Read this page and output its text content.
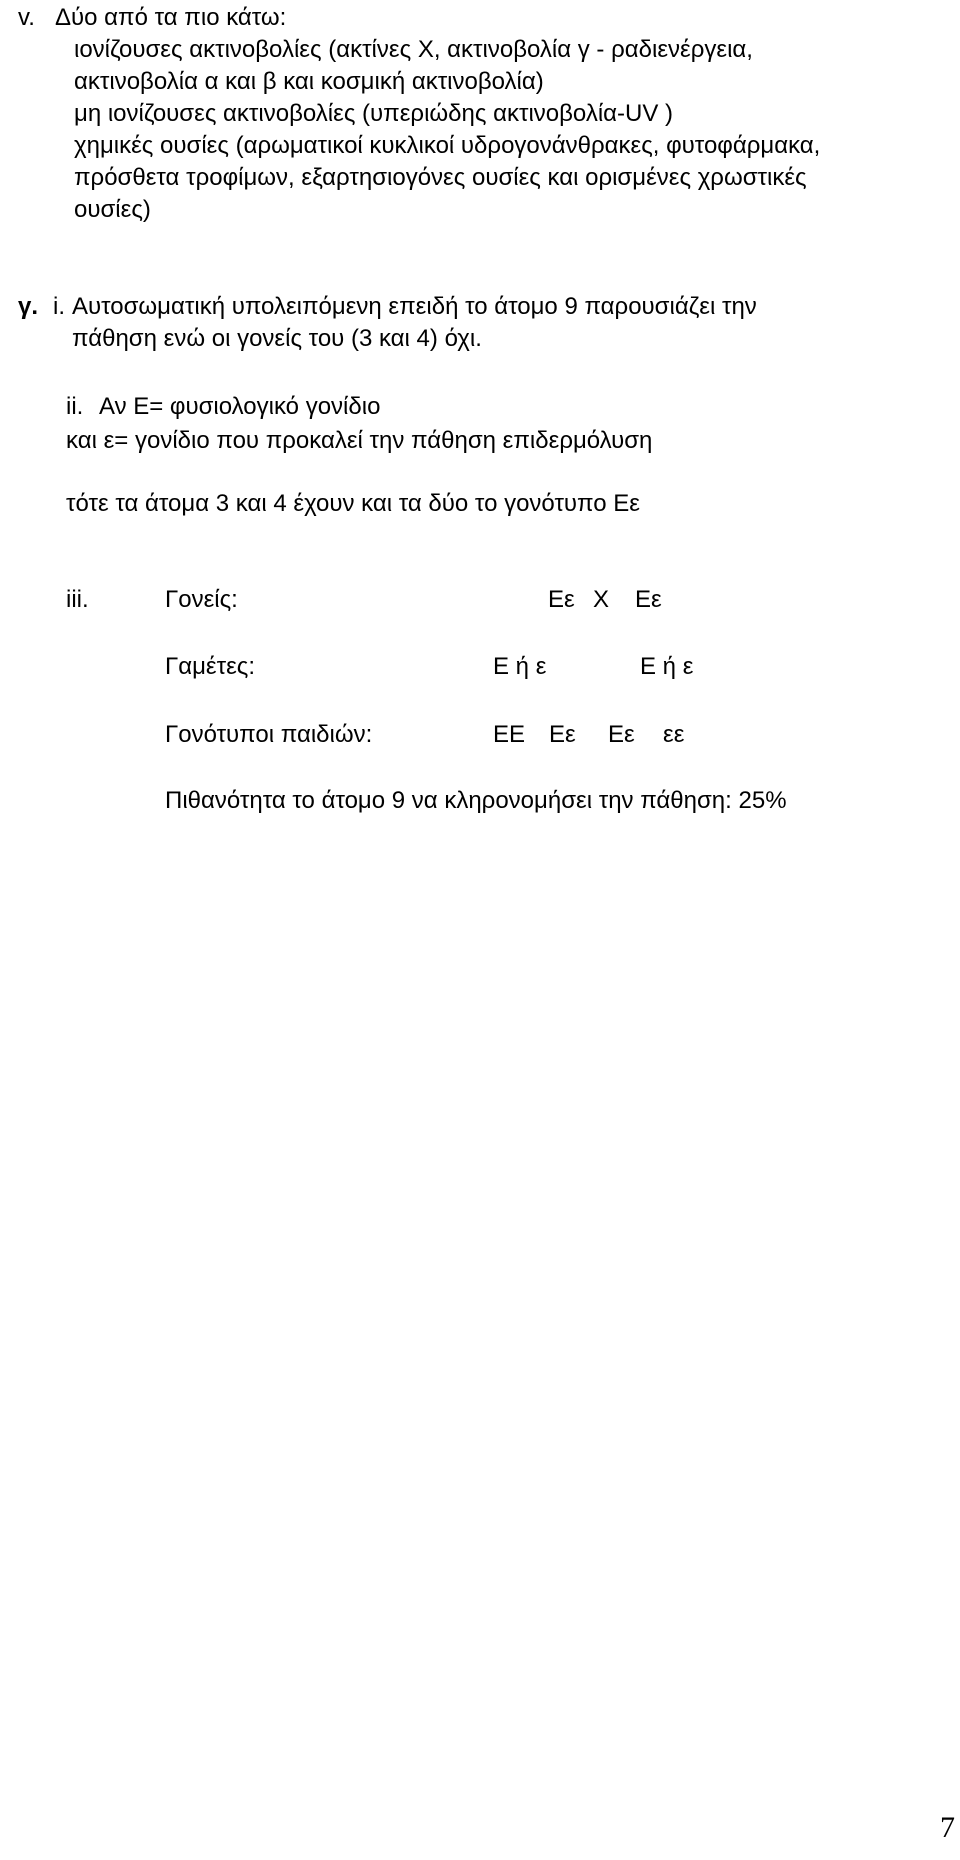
v. Δύο από τα πιο κάτω:
ιονίζουσες ακτινοβολίες (ακτίνες Χ, ακτινοβολία γ - ραδιενέργεια,
ακτινοβολία α και β και κοσμική ακτινοβολία)
μη ιονίζουσες ακτινοβολίες (υπεριώδης ακτινοβολία-UV )
χημικές ουσίες (αρωματικοί κυκλικοί υδρογονάνθρακες, φυτοφάρμακα,
πρόσθετα τροφίμων, εξαρτησιογόνες ουσίες και ορισμένες χρωστικές
ουσίες)
γ. i. Αυτοσωματική υπολειπόμενη επειδή το άτομο 9 παρουσιάζει την
πάθηση ενώ οι γονείς του (3 και 4) όχι.
ii. Αν Ε= φυσιολογικό γονίδιο
και ε= γονίδιο που προκαλεί την πάθηση επιδερμόλυση
τότε τα άτομα 3 και 4 έχουν και τα δύο το γονότυπο Εε
iii.	Γονείς:	Εε Χ Εε
Γαμέτες:	Ε ή ε	Ε ή ε
Γονότυποι παιδιών:	ΕΕ Εε Εε εε
Πιθανότητα το άτομο 9 να κληρονομήσει την πάθηση: 25%
7
